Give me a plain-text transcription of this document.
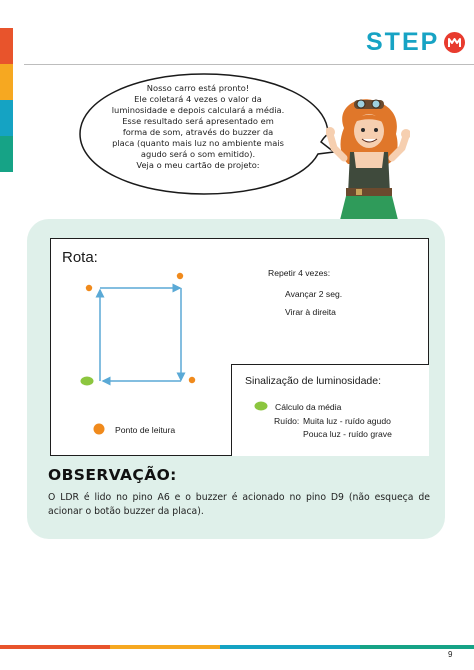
STEP
Nosso carro está pronto!
Ele coletará 4 vezes o valor da
luminosidade e depois calculará a média.
Esse resultado será apresentado em
forma de som, através do buzzer da
placa (quanto mais luz no ambiente mais
agudo será o som emitido).
Veja o meu cartão de projeto:
Rota:
Ponto de leitura
Repetir 4 vezes:
Avançar 2 seg.
Virar à direita
Sinalização de luminosidade:
Cálculo da média
Ruído: Muita luz - ruído agudo
Pouca luz - ruído grave
OBSERVAÇÃO:
O LDR é lido no pino A6 e o buzzer é acionado no pino D9 (não esqueça de acionar o botão buzzer da placa).
9
